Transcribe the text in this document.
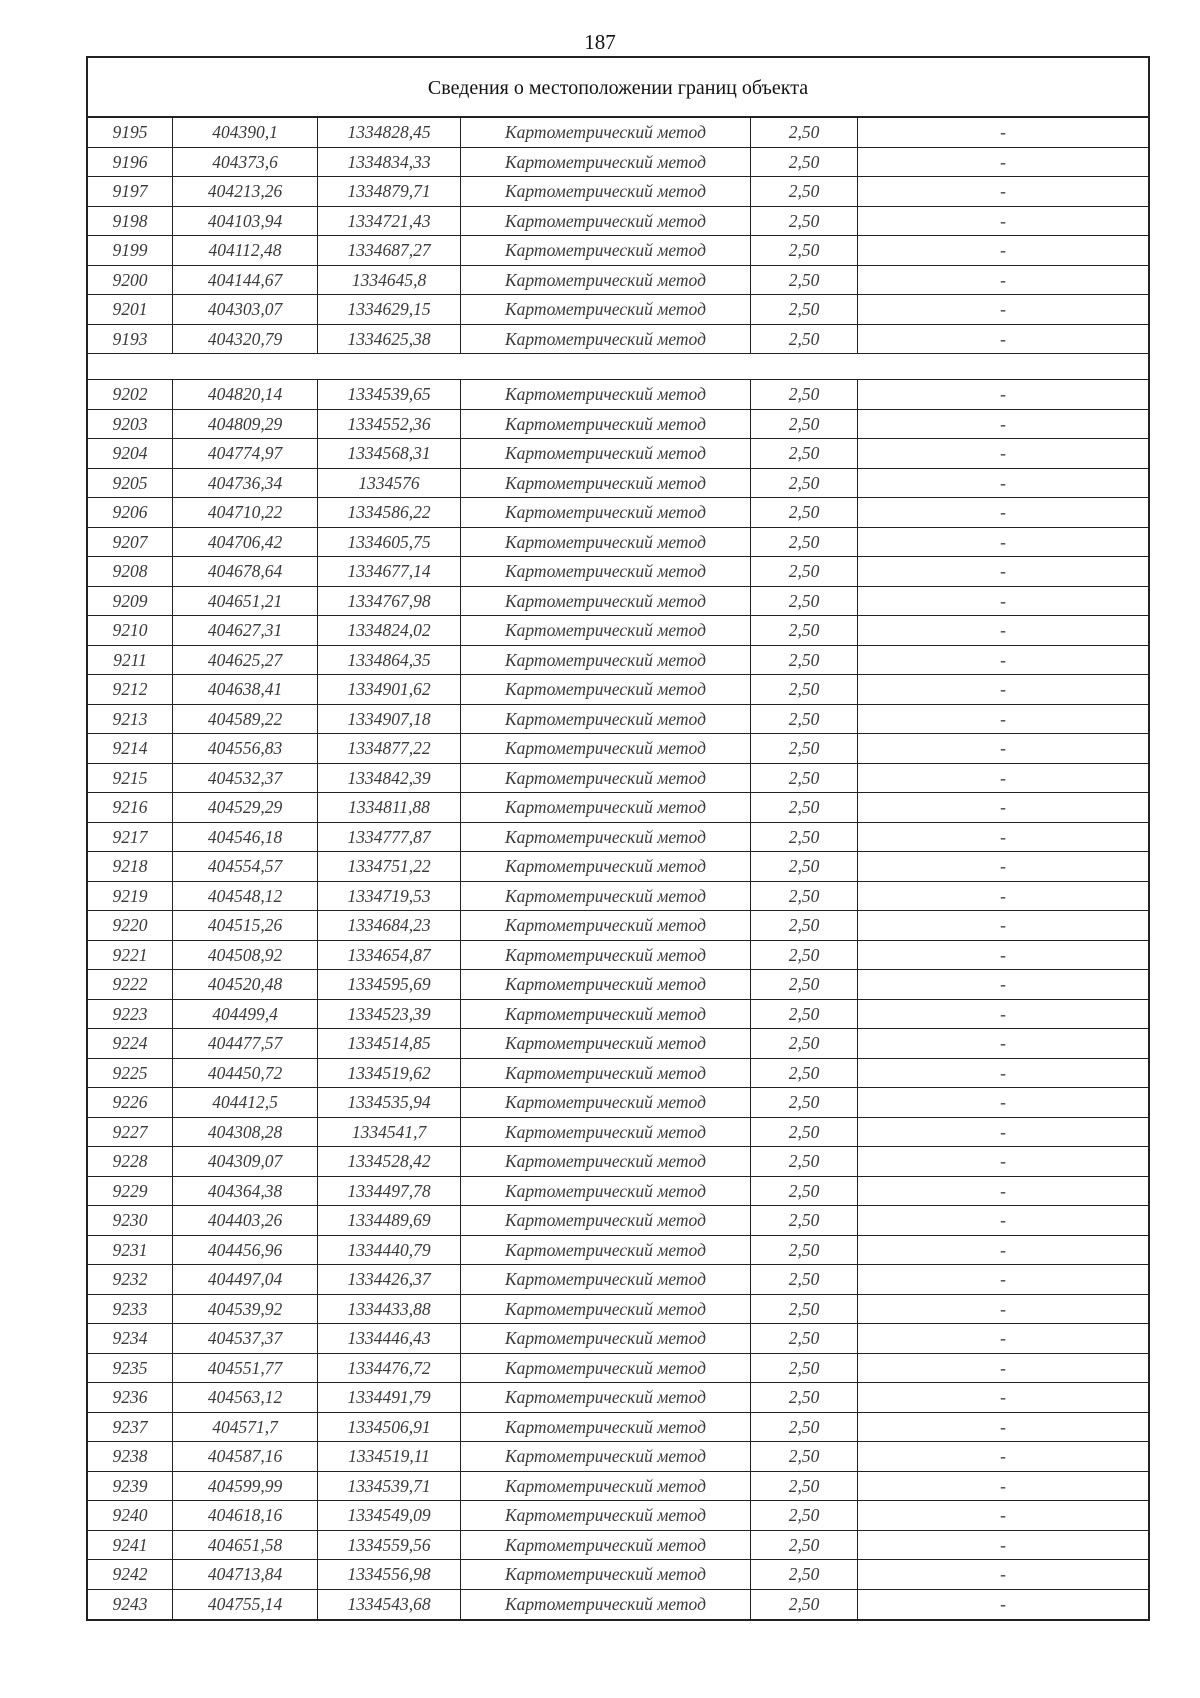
187
Сведения о местоположении границ объекта
9195	404390,1	1334828,45	Картометрический метод	2,50	-
9196	404373,6	1334834,33	Картометрический метод	2,50	-
9197	404213,26	1334879,71	Картометрический метод	2,50	-
9198	404103,94	1334721,43	Картометрический метод	2,50	-
9199	404112,48	1334687,27	Картометрический метод	2,50	-
9200	404144,67	1334645,8	Картометрический метод	2,50	-
9201	404303,07	1334629,15	Картометрический метод	2,50	-
9193	404320,79	1334625,38	Картометрический метод	2,50	-
9202	404820,14	1334539,65	Картометрический метод	2,50	-
9203	404809,29	1334552,36	Картометрический метод	2,50	-
9204	404774,97	1334568,31	Картометрический метод	2,50	-
9205	404736,34	1334576	Картометрический метод	2,50	-
9206	404710,22	1334586,22	Картометрический метод	2,50	-
9207	404706,42	1334605,75	Картометрический метод	2,50	-
9208	404678,64	1334677,14	Картометрический метод	2,50	-
9209	404651,21	1334767,98	Картометрический метод	2,50	-
9210	404627,31	1334824,02	Картометрический метод	2,50	-
9211	404625,27	1334864,35	Картометрический метод	2,50	-
9212	404638,41	1334901,62	Картометрический метод	2,50	-
9213	404589,22	1334907,18	Картометрический метод	2,50	-
9214	404556,83	1334877,22	Картометрический метод	2,50	-
9215	404532,37	1334842,39	Картометрический метод	2,50	-
9216	404529,29	1334811,88	Картометрический метод	2,50	-
9217	404546,18	1334777,87	Картометрический метод	2,50	-
9218	404554,57	1334751,22	Картометрический метод	2,50	-
9219	404548,12	1334719,53	Картометрический метод	2,50	-
9220	404515,26	1334684,23	Картометрический метод	2,50	-
9221	404508,92	1334654,87	Картометрический метод	2,50	-
9222	404520,48	1334595,69	Картометрический метод	2,50	-
9223	404499,4	1334523,39	Картометрический метод	2,50	-
9224	404477,57	1334514,85	Картометрический метод	2,50	-
9225	404450,72	1334519,62	Картометрический метод	2,50	-
9226	404412,5	1334535,94	Картометрический метод	2,50	-
9227	404308,28	1334541,7	Картометрический метод	2,50	-
9228	404309,07	1334528,42	Картометрический метод	2,50	-
9229	404364,38	1334497,78	Картометрический метод	2,50	-
9230	404403,26	1334489,69	Картометрический метод	2,50	-
9231	404456,96	1334440,79	Картометрический метод	2,50	-
9232	404497,04	1334426,37	Картометрический метод	2,50	-
9233	404539,92	1334433,88	Картометрический метод	2,50	-
9234	404537,37	1334446,43	Картометрический метод	2,50	-
9235	404551,77	1334476,72	Картометрический метод	2,50	-
9236	404563,12	1334491,79	Картометрический метод	2,50	-
9237	404571,7	1334506,91	Картометрический метод	2,50	-
9238	404587,16	1334519,11	Картометрический метод	2,50	-
9239	404599,99	1334539,71	Картометрический метод	2,50	-
9240	404618,16	1334549,09	Картометрический метод	2,50	-
9241	404651,58	1334559,56	Картометрический метод	2,50	-
9242	404713,84	1334556,98	Картометрический метод	2,50	-
9243	404755,14	1334543,68	Картометрический метод	2,50	-
